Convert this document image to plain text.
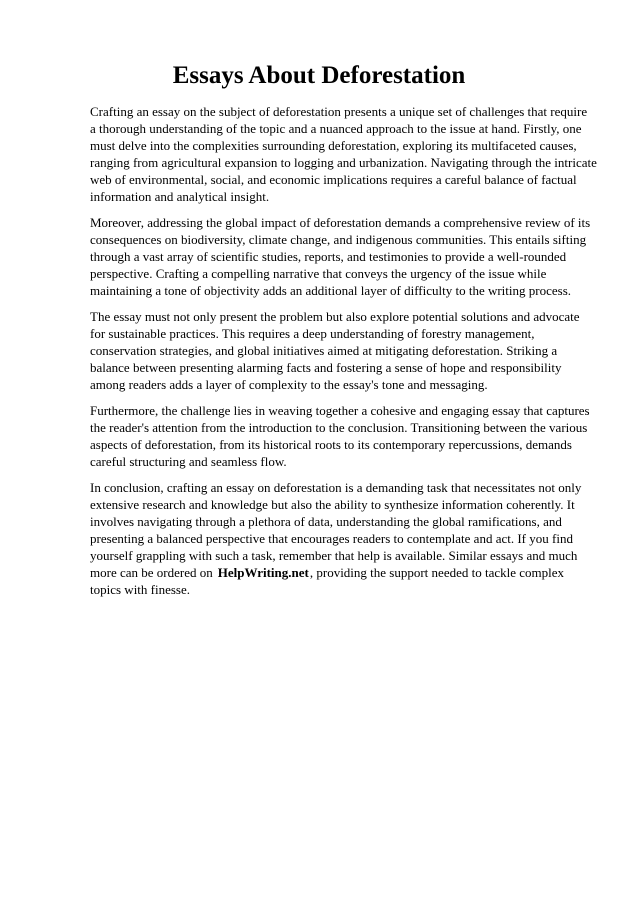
Essays About Deforestation

Crafting an essay on the subject of deforestation presents a unique set of challenges that require
a thorough understanding of the topic and a nuanced approach to the issue at hand. Firstly, one
must delve into the complexities surrounding deforestation, exploring its multifaceted causes,
ranging from agricultural expansion to logging and urbanization. Navigating through the intricate
web of environmental, social, and economic implications requires a careful balance of factual
information and analytical insight.

Moreover, addressing the global impact of deforestation demands a comprehensive review of its
consequences on biodiversity, climate change, and indigenous communities. This entails sifting
through a vast array of scientific studies, reports, and testimonies to provide a well-rounded
perspective. Crafting a compelling narrative that conveys the urgency of the issue while
maintaining a tone of objectivity adds an additional layer of difficulty to the writing process.

The essay must not only present the problem but also explore potential solutions and advocate
for sustainable practices. This requires a deep understanding of forestry management,
conservation strategies, and global initiatives aimed at mitigating deforestation. Striking a
balance between presenting alarming facts and fostering a sense of hope and responsibility
among readers adds a layer of complexity to the essay's tone and messaging.

Furthermore, the challenge lies in weaving together a cohesive and engaging essay that captures
the reader's attention from the introduction to the conclusion. Transitioning between the various
aspects of deforestation, from its historical roots to its contemporary repercussions, demands
careful structuring and seamless flow.

In conclusion, crafting an essay on deforestation is a demanding task that necessitates not only
extensive research and knowledge but also the ability to synthesize information coherently. It
involves navigating through a plethora of data, understanding the global ramifications, and
presenting a balanced perspective that encourages readers to contemplate and act. If you find
yourself grappling with such a task, remember that help is available. Similar essays and much
more can be ordered on HelpWriting.net, providing the support needed to tackle complex
topics with finesse.
